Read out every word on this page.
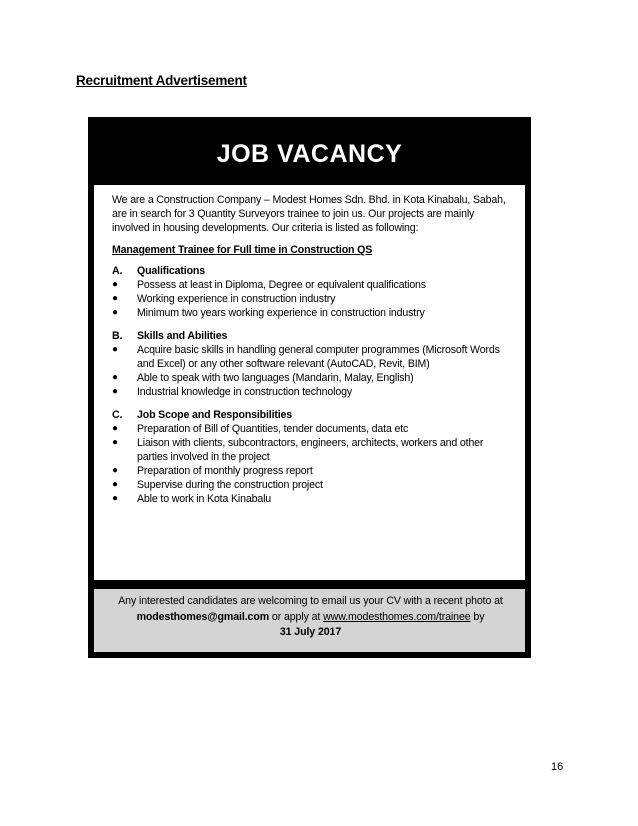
Recruitment Advertisement
JOB VACANCY

We are a Construction Company – Modest Homes Sdn. Bhd. in Kota Kinabalu, Sabah, are in search for 3 Quantity Surveyors trainee to join us. Our projects are mainly involved in housing developments. Our criteria is listed as following:

Management Trainee for Full time in Construction QS

A.	Qualifications
●	Possess at least in Diploma, Degree or equivalent qualifications
●	Working experience in construction industry
●	Minimum two years working experience in construction industry
B.	Skills and Abilities
●	Acquire basic skills in handling general computer programmes (Microsoft Words and Excel) or any other software relevant (AutoCAD, Revit, BIM)
●	Able to speak with two languages (Mandarin, Malay, English)
●	Industrial knowledge in construction technology
C.	Job Scope and Responsibilities
●	Preparation of Bill of Quantities, tender documents, data etc
●	Liaison with clients, subcontractors, engineers, architects, workers and other parties involved in the project
●	Preparation of monthly progress report
●	Supervise during the construction project
●	Able to work in Kota Kinabalu
Any interested candidates are welcoming to email us your CV with a recent photo at modesthomes@gmail.com or apply at www.modesthomes.com/trainee by
31 July 2017
16
